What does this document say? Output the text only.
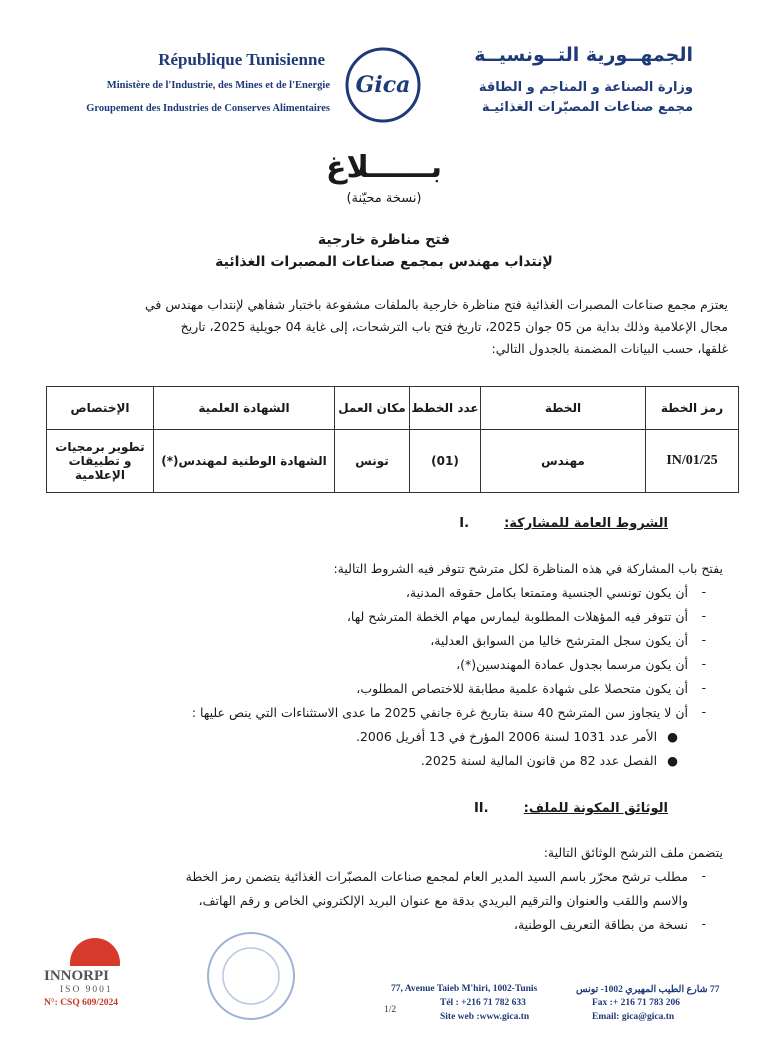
République Tunisienne
Ministère de l'Industrie, des Mines et de l'Energie
Groupement des Industries de Conserves Alimentaires
Gica
الجمهــورية التــونسيــة
وزارة الصناعة و المناجم و الطاقة
مجمع صناعات المصبّرات الغذائيـة
بــــــلاغ
(نسخة محيّنة)
فتح مناظرة خارجية
لإنتداب مهندس بمجمع صناعات المصبرات الغذائية
يعتزم مجمع صناعات المصبرات الغذائية فتح مناظرة خارجية بالملفات مشفوعة باختبار شفاهي لإنتداب مهندس في
مجال الإعلامية وذلك بداية من 05 جوان 2025، تاريخ فتح باب الترشحات، إلى غاية 04 جويلية 2025، تاريخ
غلقها، حسب البيانات المضمنة بالجدول التالي:
رمز الخطة	الخطة	عدد الخطط	مكان العمل	الشهادة العلمية	الإختصاص
IN/01/25	مهندس	(01)	تونس	الشهادة الوطنية لمهندس(*)	تطوير برمجيات
و تطبيقات الإعلامية
الشروط العامة للمشاركة:  .I
يفتح باب المشاركة في هذه المناظرة لكل مترشح تتوفر فيه الشروط التالية:
أن يكون تونسي الجنسية ومتمتعا بكامل حقوقه المدنية،
أن تتوفر فيه المؤهلات المطلوبة ليمارس مهام الخطة المترشح لها،
أن يكون سجل المترشح خاليا من السوابق العدلية،
أن يكون مرسما بجدول عمادة المهندسين(*)،
أن يكون متحصلا على شهادة علمية مطابقة للاختصاص المطلوب،
أن لا يتجاوز سن المترشح 40 سنة بتاريخ غرة جانفي 2025 ما عدى الاستثناءات التي ينص عليها :
-
-
-
-
-
-
●الأمر عدد 1031 لسنة 2006 المؤرخ في 13 أفريل 2006.
●الفصل عدد 82 من قانون المالية لسنة 2025.
الوثائق المكونة للملف:  .II
يتضمن ملف الترشح الوثائق التالية:
-
مطلب ترشح محرّر باسم السيد المدير العام لمجمع صناعات المصبّرات الغذائية يتضمن رمز الخطة
والاسم واللقب والعنوان والترقيم البريدي بدقة مع عنوان البريد الإلكتروني الخاص و رقم الهاتف،
-
نسخة من بطاقة التعريف الوطنية،
INNORPI
ISO 9001
N°: CSQ 609/2024
77, Avenue Taieb M'hiri, 1002-Tunis
Tél : +216 71 782 633
Site web :www.gica.tn
1/2
77 شارع الطيب المهيري 1002- تونس
Fax :+ 216 71 783 206
Email: gica@gica.tn
